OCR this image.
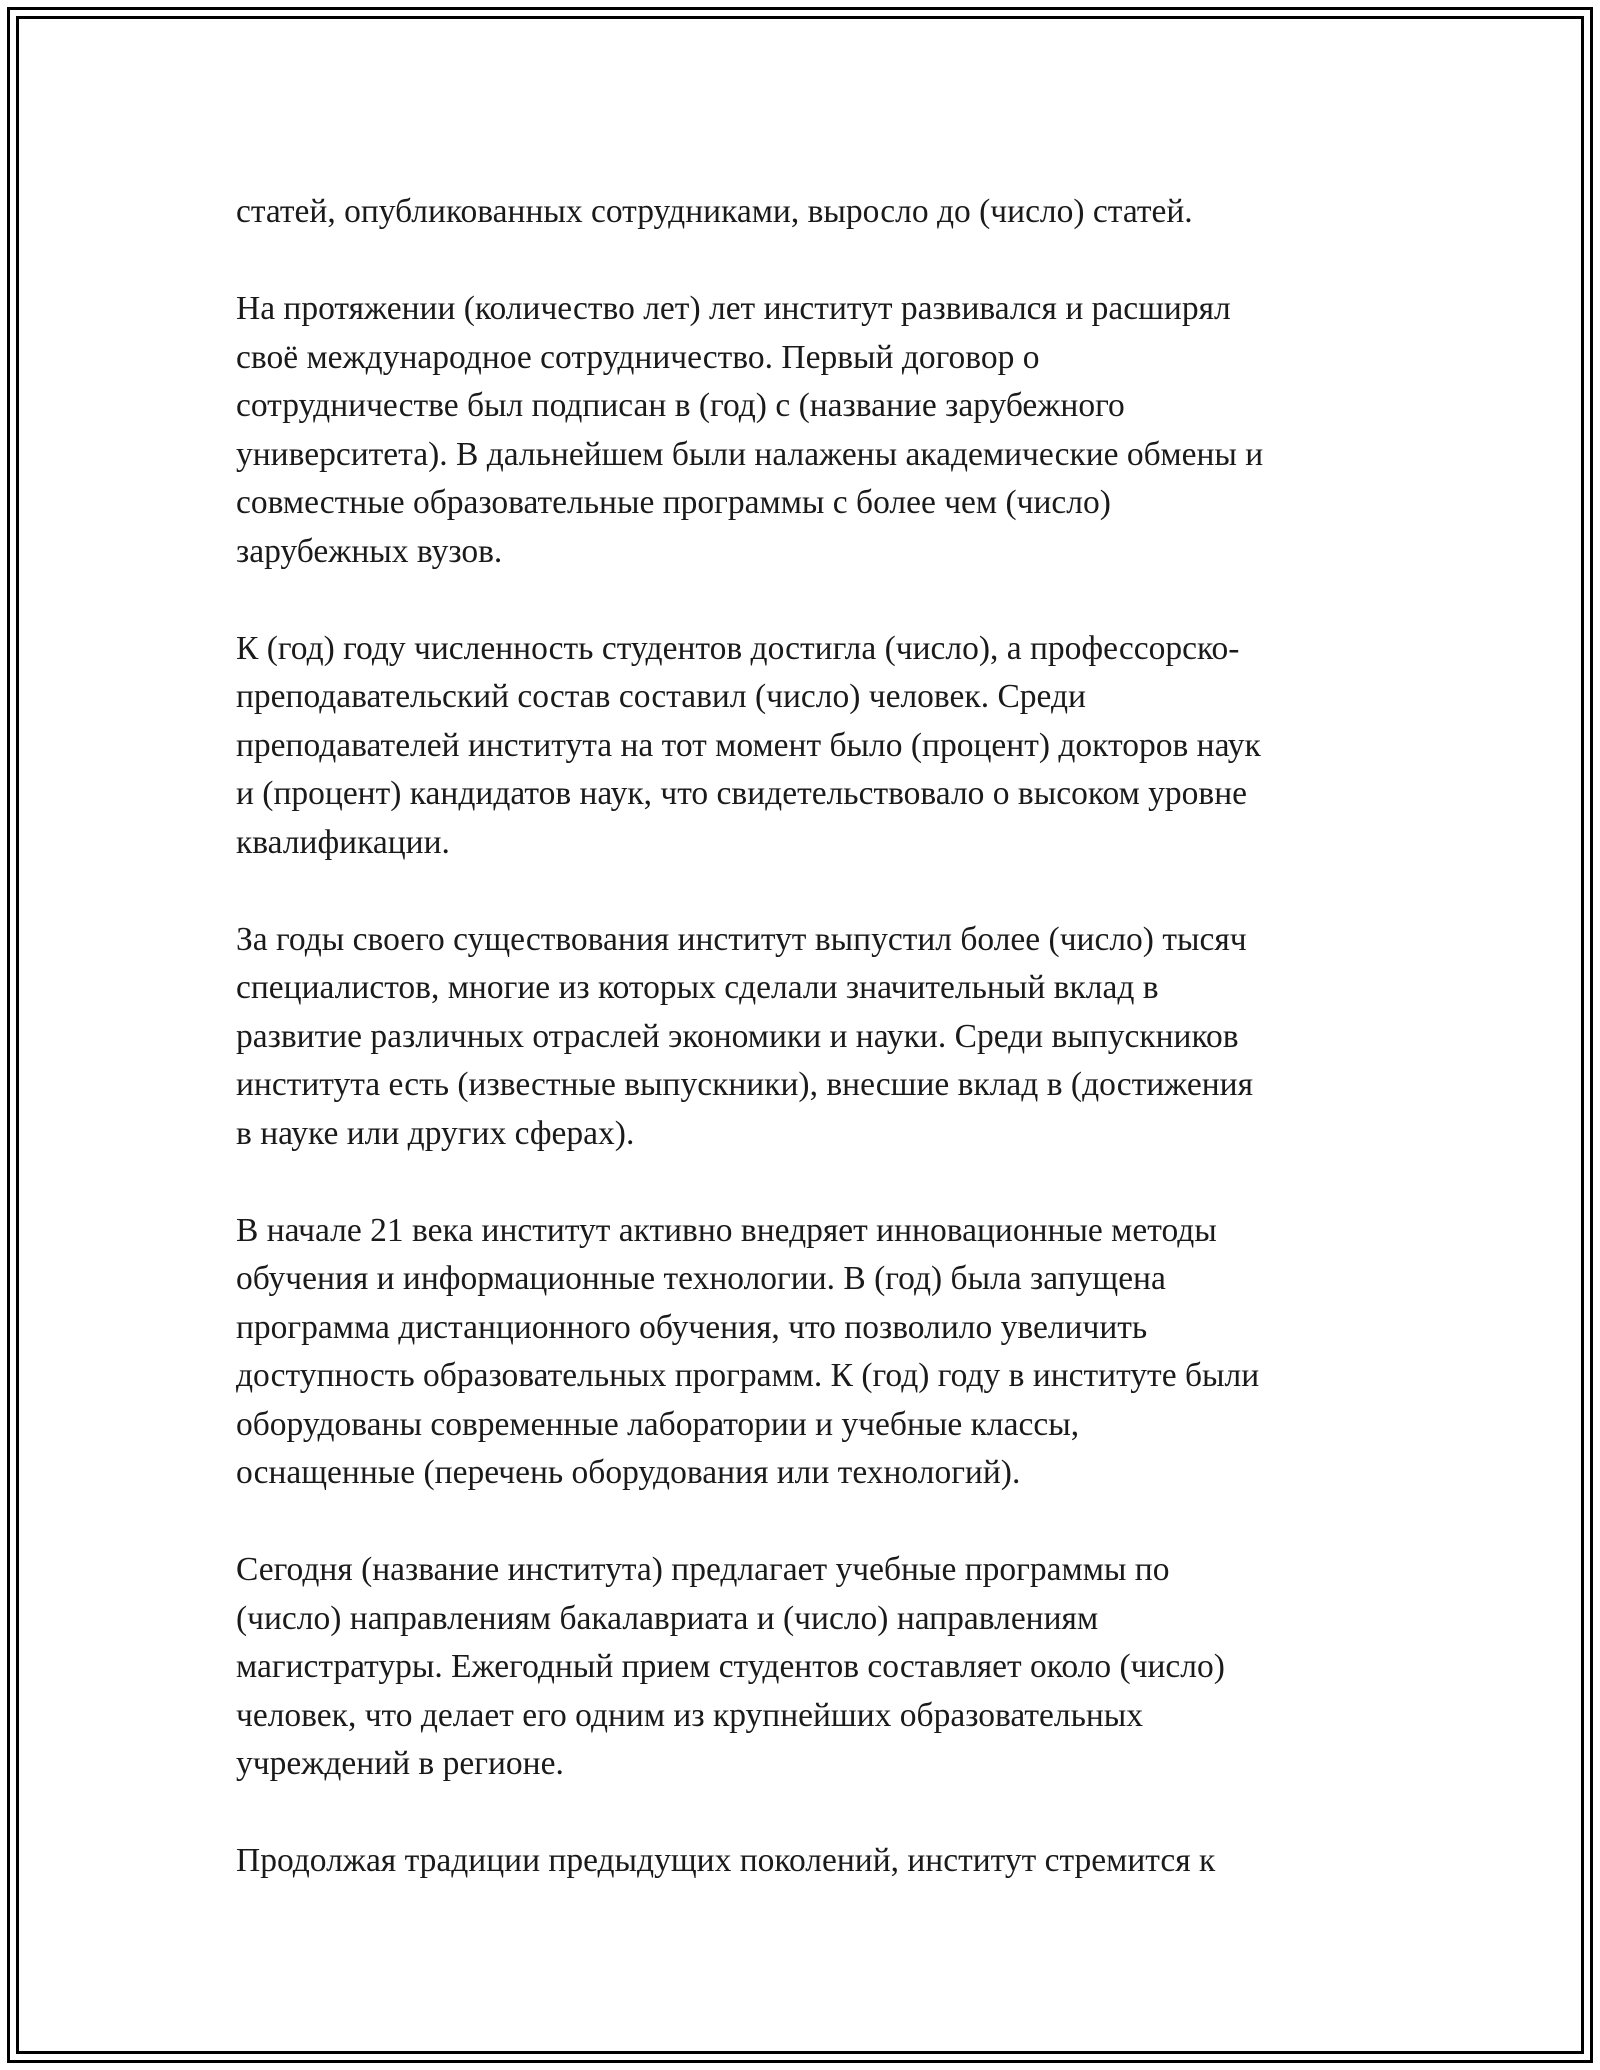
статей, опубликованных сотрудниками, выросло до (число) статей.

На протяжении (количество лет) лет институт развивался и расширял
своё международное сотрудничество. Первый договор о
сотрудничестве был подписан в (год) с (название зарубежного
университета). В дальнейшем были налажены академические обмены и
совместные образовательные программы с более чем (число)
зарубежных вузов.

К (год) году численность студентов достигла (число), а профессорско-
преподавательский состав составил (число) человек. Среди
преподавателей института на тот момент было (процент) докторов наук
и (процент) кандидатов наук, что свидетельствовало о высоком уровне
квалификации.

За годы своего существования институт выпустил более (число) тысяч
специалистов, многие из которых сделали значительный вклад в
развитие различных отраслей экономики и науки. Среди выпускников
института есть (известные выпускники), внесшие вклад в (достижения
в науке или других сферах).

В начале 21 века институт активно внедряет инновационные методы
обучения и информационные технологии. В (год) была запущена
программа дистанционного обучения, что позволило увеличить
доступность образовательных программ. К (год) году в институте были
оборудованы современные лаборатории и учебные классы,
оснащенные (перечень оборудования или технологий).

Сегодня (название института) предлагает учебные программы по
(число) направлениям бакалавриата и (число) направлениям
магистратуры. Ежегодный прием студентов составляет около (число)
человек, что делает его одним из крупнейших образовательных
учреждений в регионе.

Продолжая традиции предыдущих поколений, институт стремится к
